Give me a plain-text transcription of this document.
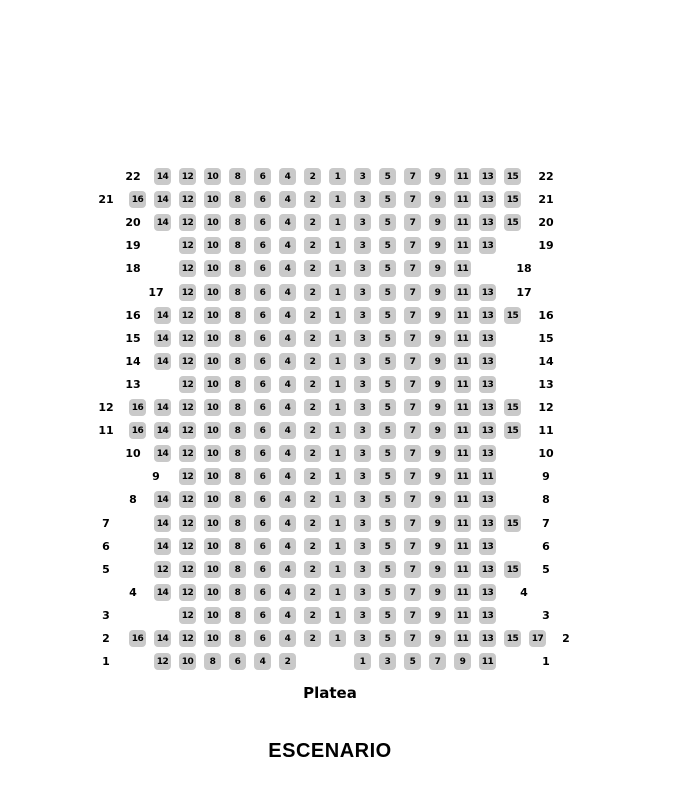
22	14	12	10	8	6	4	2	1	3	5	7	9	11	13	15	22
21	16	14	12	10	8	6	4	2	1	3	5	7	9	11	13	15	21
20	14	12	10	8	6	4	2	1	3	5	7	9	11	13	15	20
19	12	10	8	6	4	2	1	3	5	7	9	11	13	19
18	12	10	8	6	4	2	1	3	5	7	9	11	18
17	12	10	8	6	4	2	1	3	5	7	9	11	13	17
16	14	12	10	8	6	4	2	1	3	5	7	9	11	13	15	16
15	14	12	10	8	6	4	2	1	3	5	7	9	11	13	15
14	14	12	10	8	6	4	2	1	3	5	7	9	11	13	14
13	12	10	8	6	4	2	1	3	5	7	9	11	13	13
12	16	14	12	10	8	6	4	2	1	3	5	7	9	11	13	15	12
11	16	14	12	10	8	6	4	2	1	3	5	7	9	11	13	15	11
10	14	12	10	8	6	4	2	1	3	5	7	9	11	13	10
9	12	10	8	6	4	2	1	3	5	7	9	11	11	9
8	14	12	10	8	6	4	2	1	3	5	7	9	11	13	8
7	14	12	10	8	6	4	2	1	3	5	7	9	11	13	15	7
6	14	12	10	8	6	4	2	1	3	5	7	9	11	13	6
5	12	12	10	8	6	4	2	1	3	5	7	9	11	13	15	5
4	14	12	10	8	6	4	2	1	3	5	7	9	11	13	4
3	12	10	8	6	4	2	1	3	5	7	9	11	13	3
2	16	14	12	10	8	6	4	2	1	3	5	7	9	11	13	15	17	2
1	12	10	8	6	4	2	1	3	5	7	9	11	1
Platea
ESCENARIO
